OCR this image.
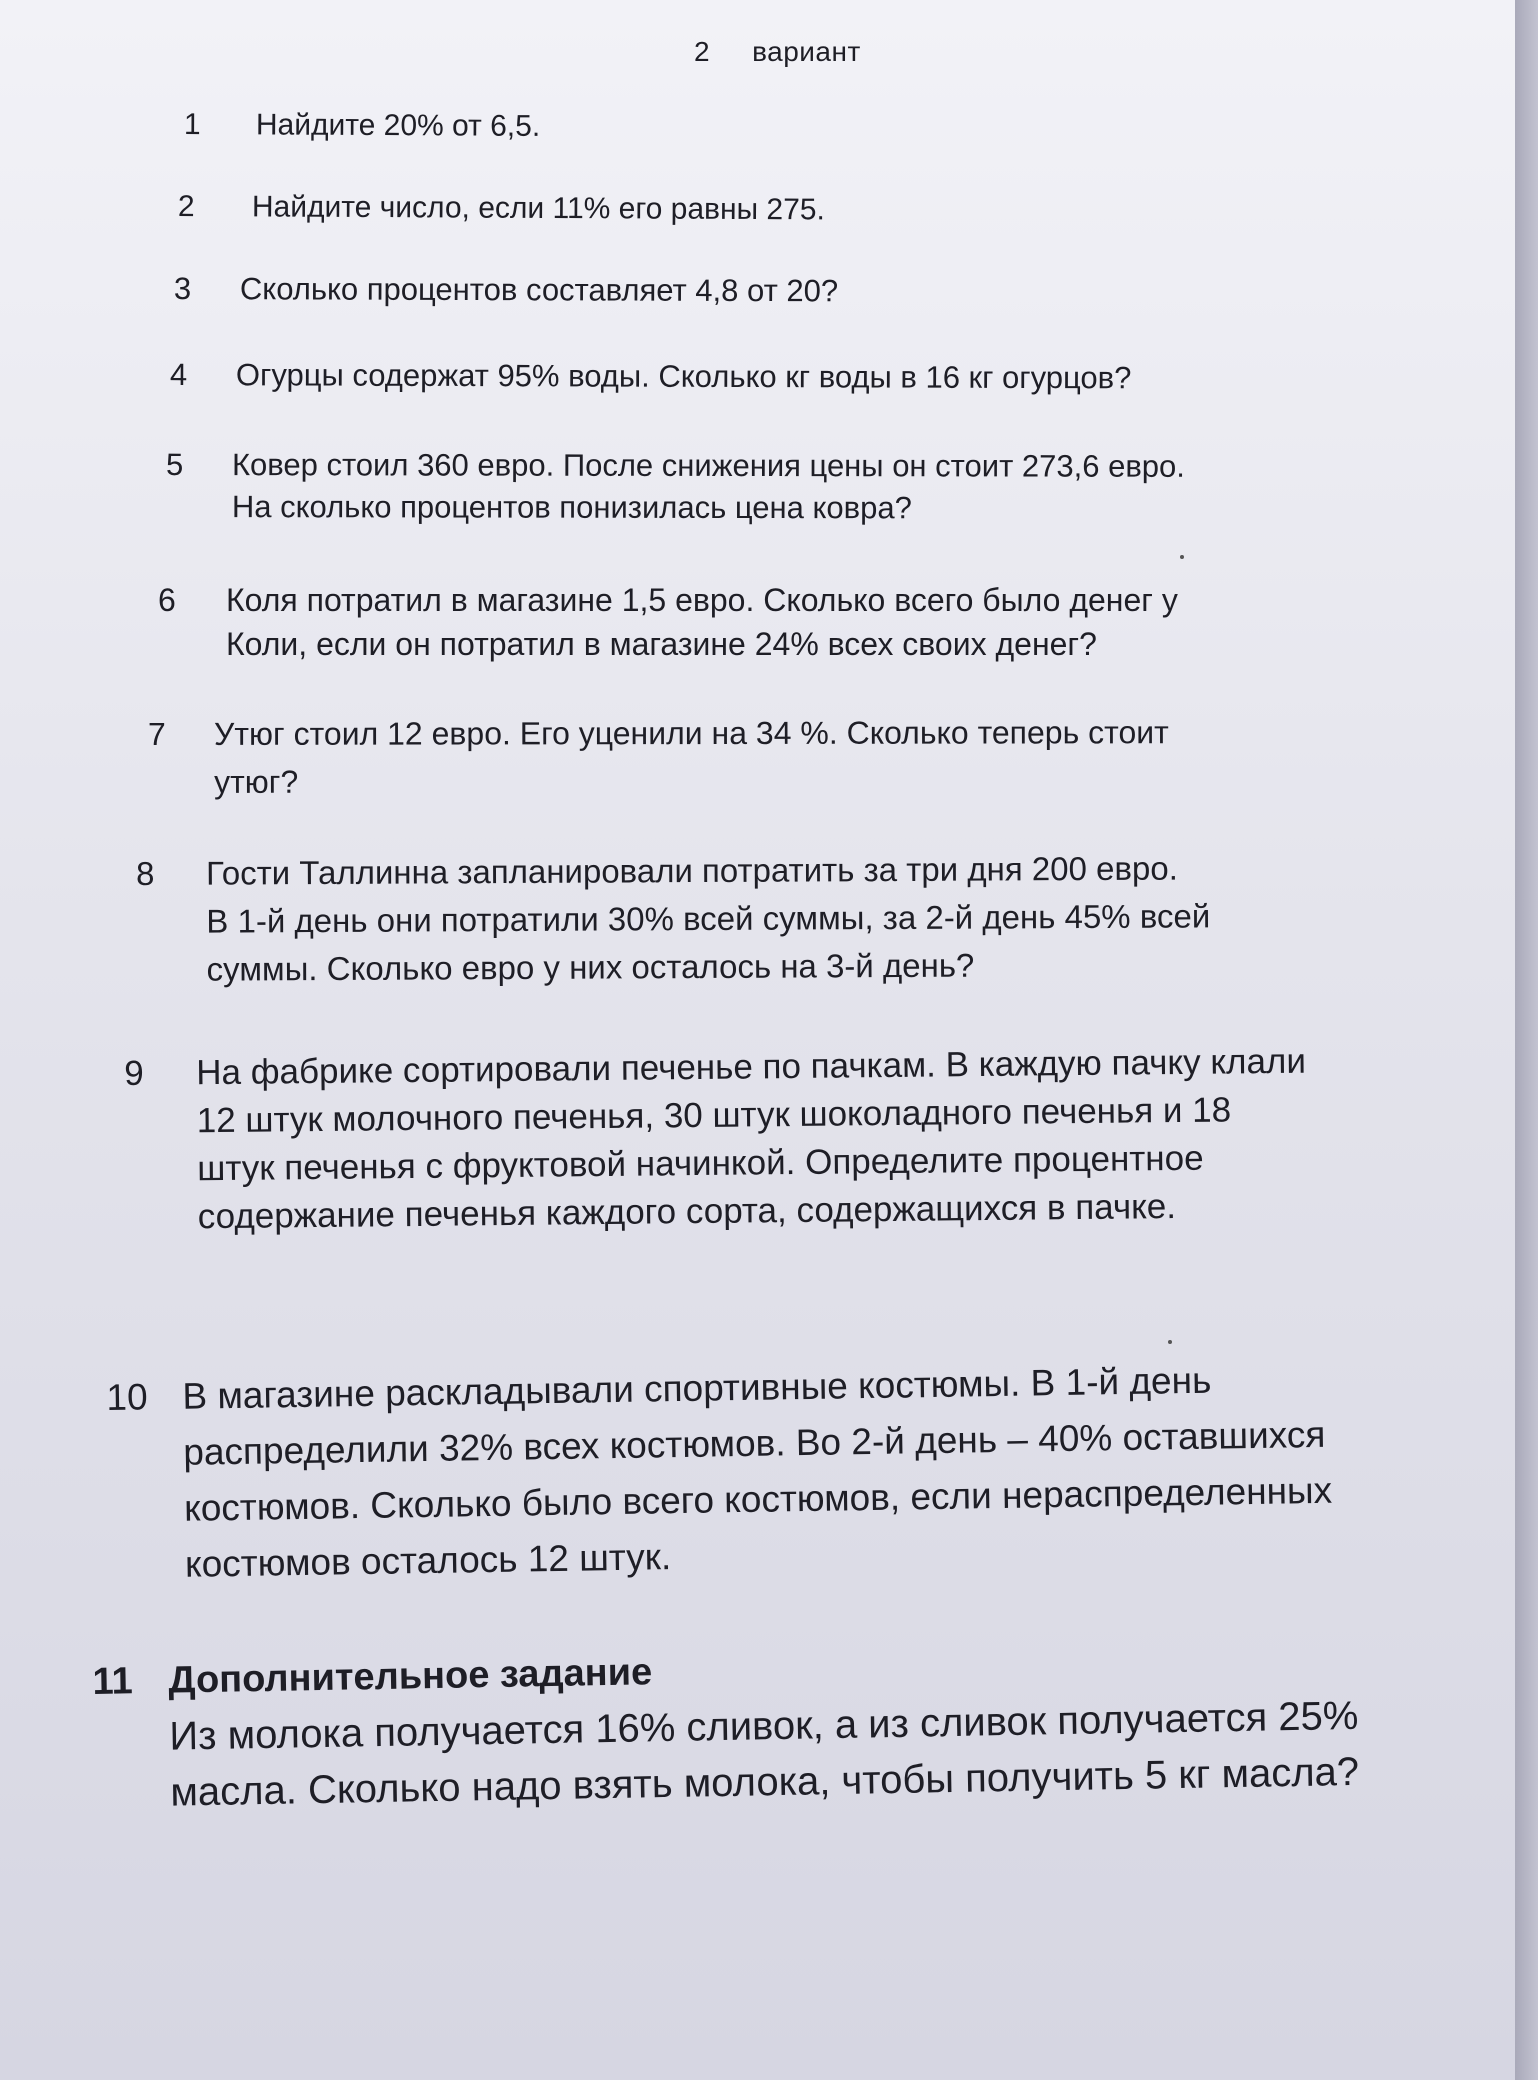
2 вариант
1 Найдите 20% от 6,5.
2 Найдите число, если 11% его равны 275.
3 Сколько процентов составляет 4,8 от 20?
4 Огурцы содержат 95% воды. Сколько кг воды в 16 кг огурцов?
5 Ковер стоил 360 евро. После снижения цены он стоит 273,6 евро.
На сколько процентов понизилась цена ковра?
6 Коля потратил в магазине 1,5 евро. Сколько всего было денег у
Коли, если он потратил в магазине 24% всех своих денег?
7 Утюг стоил 12 евро. Его уценили на 34 %. Сколько теперь стоит
утюг?
8 Гости Таллинна запланировали потратить за три дня 200 евро.
В 1-й день они потратили 30% всей суммы, за 2-й день 45% всей
суммы. Сколько евро у них осталось на 3-й день?
9 На фабрике сортировали печенье по пачкам. В каждую пачку клали
12 штук молочного печенья, 30 штук шоколадного печенья и 18
штук печенья с фруктовой начинкой. Определите процентное
содержание печенья каждого сорта, содержащихся в пачке.
10 В магазине раскладывали спортивные костюмы. В 1-й день
распределили 32% всех костюмов. Во 2-й день – 40% оставшихся
костюмов. Сколько было всего костюмов, если нераспределенных
костюмов осталось 12 штук.
11 Дополнительное задание
Из молока получается 16% сливок, а из сливок получается 25%
масла. Сколько надо взять молока, чтобы получить 5 кг масла?
